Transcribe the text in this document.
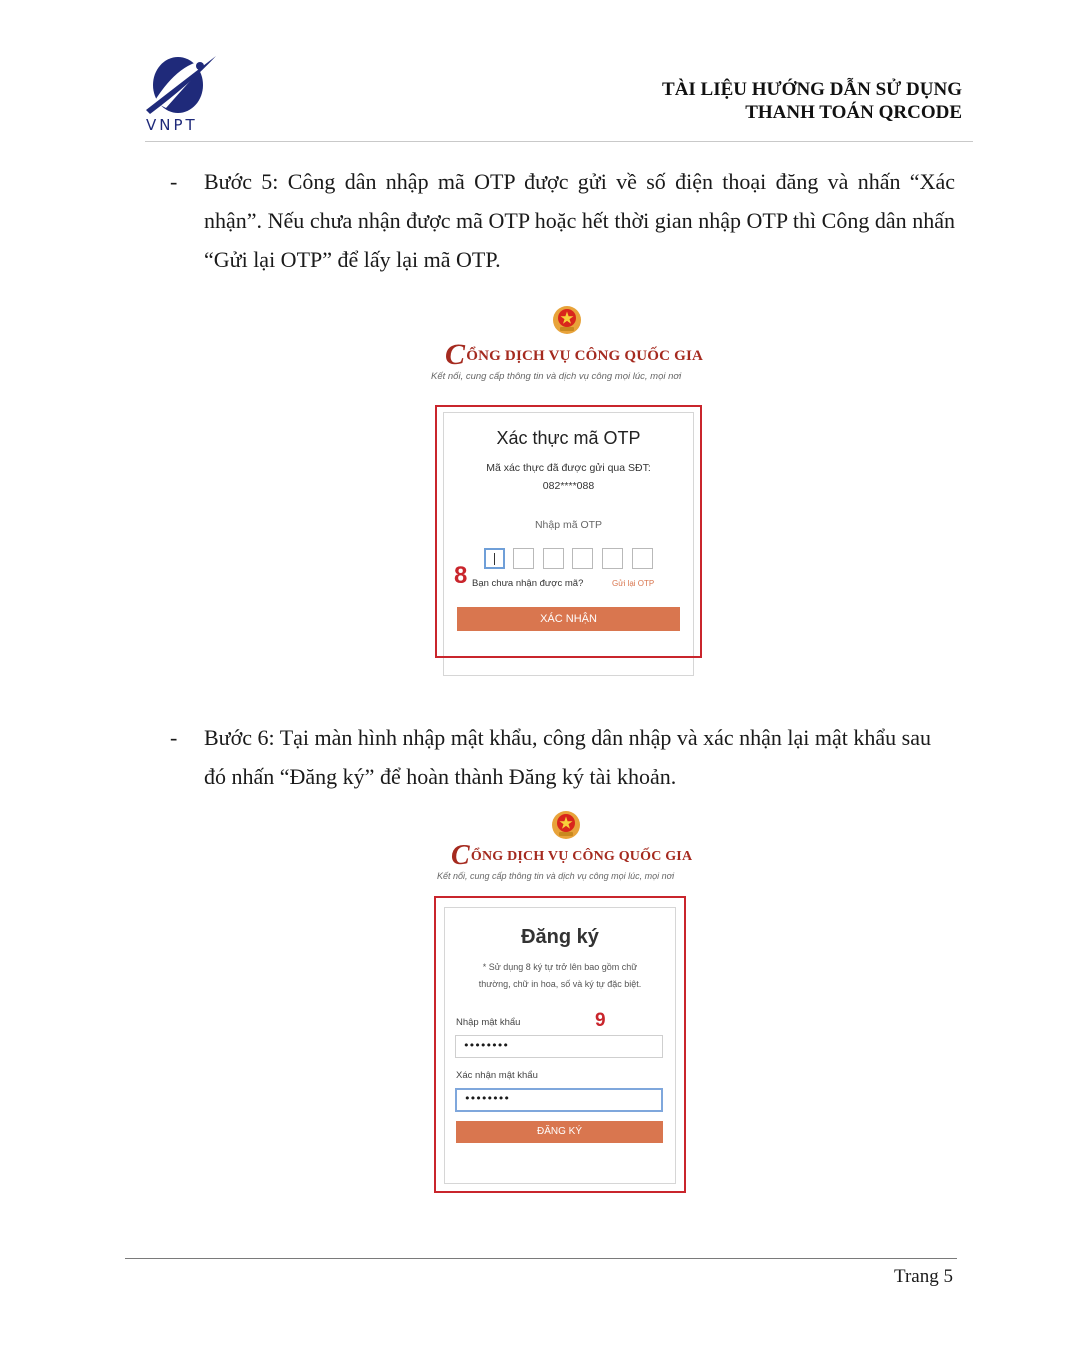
VNPT
TÀI LIỆU HƯỚNG DẪN SỬ DỤNG
THANH TOÁN QRCODE
- Bước 5: Công dân nhập mã OTP được gửi về số điện thoại đăng và nhấn “Xác nhận”. Nếu chưa nhận được mã OTP hoặc hết thời gian nhập OTP thì Công dân nhấn “Gửi lại OTP” để lấy lại mã OTP.
CỔNG DỊCH VỤ CÔNG QUỐC GIA
Kết nối, cung cấp thông tin và dịch vụ công mọi lúc, mọi nơi
Xác thực mã OTP
Mã xác thực đã được gửi qua SĐT:
082****088
Nhập mã OTP
8 Bạn chưa nhận được mã?	Gửi lại OTP
XÁC NHẬN
- Bước 6: Tại màn hình nhập mật khẩu, công dân nhập và xác nhận lại mật khẩu sau đó nhấn “Đăng ký” để hoàn thành Đăng ký tài khoản.
CỔNG DỊCH VỤ CÔNG QUỐC GIA
Kết nối, cung cấp thông tin và dịch vụ công mọi lúc, mọi nơi
Đăng ký
* Sử dụng 8 ký tự trở lên bao gồm chữ
thường, chữ in hoa, số và ký tự đặc biệt.
Nhập mật khẩu	9
••••••••
Xác nhận mật khẩu
••••••••
ĐĂNG KÝ
Trang 5
